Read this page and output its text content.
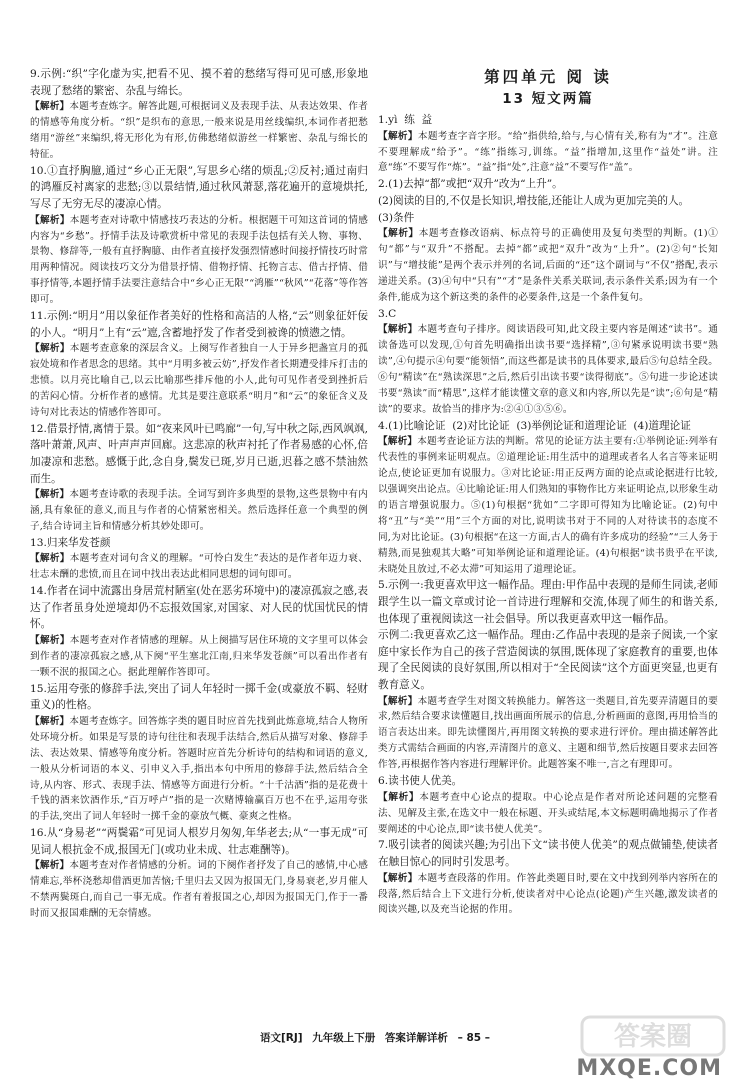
9.示例:“织”字化虚为实,把看不见、摸不着的愁绪写得可见可感,形象地表现了愁绪的繁密、杂乱与绵长。
【解析】本题考查炼字。解答此题,可根据词义及表现手法、从表达效果、作者的情感等角度分析。“织”是织布的意思,一般来说是用丝线编织,本词作者把愁绪用“游丝”来编织,将无形化为有形,仿佛愁绪似游丝一样繁密、杂乱与绵长的特征。
10.①直抒胸臆,通过“乡心正无限”,写思乡心绪的烦乱;②反衬;通过南归的鸿雁反衬离家的悲愁;③以景结情,通过秋风萧瑟,落花遍开的意境烘托,写尽了无穷无尽的凄凉心情。
【解析】本题考查对诗歌中情感技巧表达的分析。根据题干可知这首词的情感内容为“乡愁”。抒情手法及诗歌赏析中常见的表现手法包括有关人物、事物、景物、修辞等,一般有直抒胸臆、由作者直接抒发强烈情感时间接抒情技巧时常用两种情况。阅读技巧文分为借景抒情、借物抒情、托物言志、借古抒情、借事抒情等,本题抒情手法要注意结合中“乡心正无限”“鸿雁”“秋风”“花落”等作答即可。
11.示例:“明月”用以象征作者美好的性格和高洁的人格,“云”则象征奸佞的小人。“明月”上有“云”遮,含蓄地抒发了作者受到被谗的愤懑之情。
【解析】本题考查意象的深层含义。上阕写作者独自一人于异乡把盏宣月的孤寂处境和作者思念的思绪。其中“月明多被云妨”,抒发作者长期遭受排斥打击的悲愤。以月亮比喻自己,以云比喻那些排斥他的小人,此句可见作者受到挫折后的苦闷心情。分析作者的感情。尤其是要注意联系“明月”和“云”的象征含义及诗句对比表达的情感作答即可。
12.借景抒情,离情于景。如“夜来风叶已鸣廊”一句,写中秋之际,西风飒飒,落叶萧萧,风声、叶声声声回廊。这悲凉的秋声衬托了作者易感的心怀,倍加凄凉和悲愁。感慨于此,念自身,鬓发已斑,岁月已逝,迟暮之感不禁油然而生。
【解析】本题考查诗歌的表现手法。全词写到许多典型的景物,这些景物中有内涵,具有象征的意义,而且与作者的心情紧密相关。然后选择任意一个典型的例子,结合诗词主旨和情感分析其妙处即可。
13.归来华发苍颜
【解析】本题考查对词句含义的理解。“可怜白发生”表达的是作者年迈力衰、壮志未酬的悲愤,而且在词中找出表达此相同思想的词句即可。
14.作者在词中流露出身居荒村陋室(处在恶劣环境中)的凄凉孤寂之感,表达了作者虽身处逆境却仍不忘报效国家,对国家、对人民的忧国忧民的情怀。
【解析】本题考查对作者情感的理解。从上阕描写居住环境的文字里可以体会到作者的凄凉孤寂之感,从下阕“平生塞北江南,归来华发苍颜”可以看出作者有一颗不泯的报国之心。据此理解作答即可。
15.运用夸张的修辞手法,突出了词人年轻时一掷千金(或豪放不羁、轻财重义)的性格。
【解析】本题考查炼字。回答炼字类的题目时应首先找到此炼意境,结合人物所处环境分析。如果是写景的诗句往往和表现手法结合,然后从描写对象、修辞手法、表达效果、情感等角度分析。答题时应首先分析诗句的结构和词语的意义,一般从分析词语的本义、引申义入手,指出本句中所用的修辞手法,然后结合全诗,从内容、形式、表现手法、情感等方面进行分析。“十千沽酒”指的是花费十千钱的酒来饮酒作乐,“百万呼卢”指的是一次赌博输赢百万也不在乎,运用夸张的手法,突出了词人年轻时一掷千金的豪放气概、豪爽之性格。
16.从“身易老”“两鬓霜”可见词人根岁月匆匆,年华老去;从“一事无成”可见词人根抗金不成,报国无门(或功业未成、壮志难酬等)。
【解析】本题考查对作者情感的分析。词的下阕作者抒发了自己的感情,中心感情难忘,举杯浇愁却借酒更加苦恼;千里归去又因为报国无门,身易衰老,岁月催人不禁两鬓斑白,而自己一事无成。作者有着报国之心,却因为报国无门,作于一番时而又报国难酬的无奈情感。
第四单元 阅 读
13 短文两篇
1.yì  练  益
【解析】本题考查字音字形。“给”指供给,给与,与心情有关,称有为“才”。注意不要理解成“给予”。“练”指练习,训练。“益”指增加,这里作“益处”讲。注意“练”不要写作“炼”。“益”指“处”,注意“益”不要写作“盖”。
2.(1)去掉“都”或把“双升”改为“上升”。
(2)阅读的目的,不仅是长知识,增技能,还能让人成为更加完美的人。
(3)条件
【解析】本题考查修改语病、标点符号的正确使用及复句类型的判断。(1)①句“都”与“双升”不搭配。去掉“都”或把“双升”改为“上升”。(2)②句“长知识”与“增技能”是两个表示并列的名词,后面的“还”这个副词与“不仅”搭配,表示递进关系。(3)④句中“只有”“才”是条件关系关联词,表示条件关系;因为有一个条件,能成为这个新这类的条件的必要条件,这是一个条件复句。
3.C
【解析】本题考查句子排序。阅读语段可知,此文段主要内容是阐述“读书”。通读备选可以发现,①句首先明确指出读书要“选择精”,③句紧承说明读书要“熟读”,④句提示④句要“能领悟”,而这些都是读书的具体要求,最后⑤句总结全段。⑥句“精读”在“熟读深思”之后,然后引出读书要“读得彻底”。⑤句进一步论述读书要“熟读”而“精思”,这样才能读懂文章的意义和内容,所以先是“读”;⑥句是“精读”的要求。故恰当的排序为:②④①③⑤⑥。
4.(1)比喻论证  (2)对比论证  (3)举例论证和道理论证  (4)道理论证
【解析】本题考查论证方法的判断。常见的论证方法主要有:①举例论证:列举有代表性的事例来证明观点。②道理论证:用生活中的道理或者名人名言等来证明论点,使论证更加有说服力。③对比论证:用正反两方面的论点或论据进行比较,以强调突出论点。④比喻论证:用人们熟知的事物作比方来证明论点,以形象生动的语言增强说服力。⑤(1)句根据“犹如”二字即可得知为比喻论证。(2)句中将“丑”与“美”“用”三个方面的对比,说明读书对于不同的人对待读书的态度不同,为对比论证。(3)句根据“在这一方面,古人的确有许多成功的经验”“三人务于精熟,而晃独观其大略”可知举例论证和道理论证。(4)句根据“读书贵乎在平读,未晓处且放过,不必太滞”可知运用了道理论证。
5.示例一:我更喜欢甲这一幅作品。理由:甲作品中表现的是师生同读,老师跟学生以一篇文章或讨论一首诗进行理解和交流,体现了师生的和谐关系,也体现了重视阅读这一社会倡导。所以我更喜欢甲这一幅作品。
示例二:我更喜欢乙这一幅作品。理由:乙作品中表现的是亲子阅读,一个家庭中家长作为自己的孩子营造阅读的氛围,既体现了家庭教育的重要,也体现了全民阅读的良好氛围,所以相对于“全民阅读”这个方面更突显,也更有教育意义。
【解析】本题考查学生对图文转换能力。解答这一类题目,首先要弄清题目的要求,然后结合要求读懂题目,找出画面所展示的信息,分析画面的意图,再用恰当的语言表达出来。即先读懂图片,再用图文转换的要求进行评价。理由描述解答此类方式需结合画面的内容,弄清图片的意义、主题和细节,然后按题目要求去回答作答,再根据作答内容进行理解评价。此题答案不唯一,言之有理即可。
6.读书使人优美。
【解析】本题考查中心论点的提取。中心论点是作者对所论述问题的完整看法、见解及主张,在选文中一般在标题、开头或结尾,本文标题明确地揭示了作者要阐述的中心论点,即“读书使人优美”。
7.吸引读者的阅读兴趣;为引出下文“读书使人优美”的观点做铺垫,使读者在触目惊心的同时引发思考。
【解析】本题考查段落的作用。作答此类题目时,要在文中找到列举内容所在的段落,然后结合上下文进行分析,使读者对中心论点(论题)产生兴趣,激发读者的阅读兴趣,以及充当论据的作用。
语文[RJ] 九年级上下册 答案详解详析 – 85 –	答案圈
MXQE.COM
